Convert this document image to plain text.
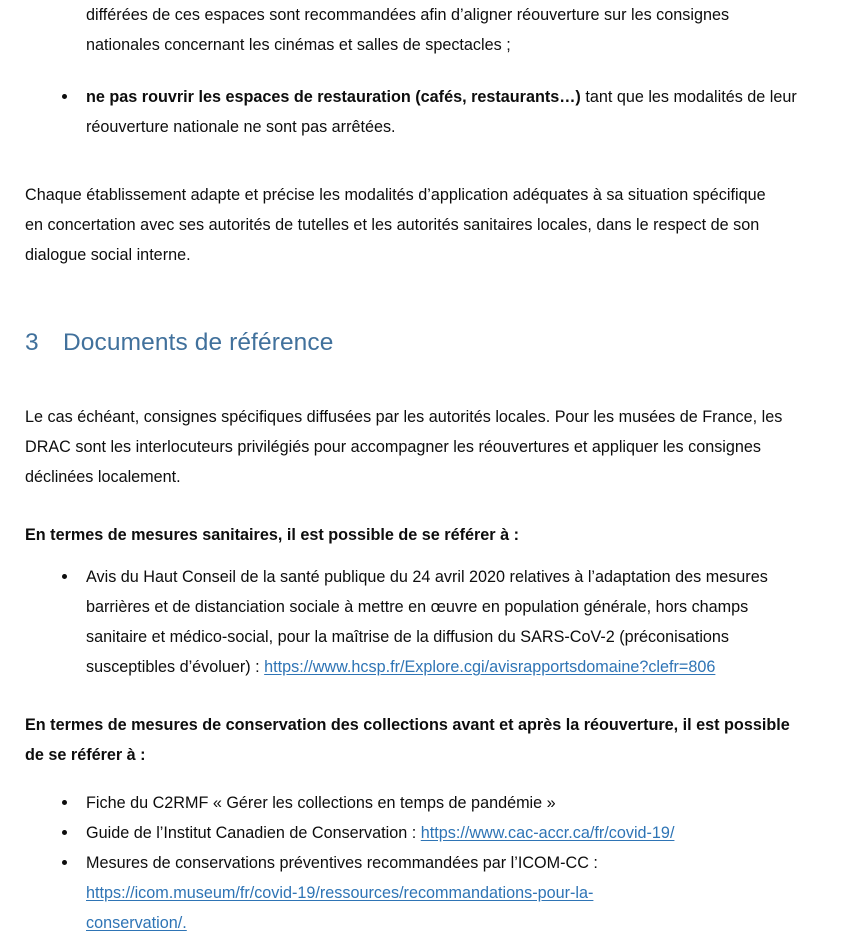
différées de ces espaces sont recommandées afin d’aligner réouverture sur les consignes
nationales concernant les cinémas et salles de spectacles ;
ne pas rouvrir les espaces de restauration (cafés, restaurants…) tant que les modalités de leur
réouverture nationale ne sont pas arrêtées.

Chaque établissement adapte et précise les modalités d’application adéquates à sa situation spécifique
en concertation avec ses autorités de tutelles et les autorités sanitaires locales, dans le respect de son
dialogue social interne.

3 Documents de référence

Le cas échéant, consignes spécifiques diffusées par les autorités locales. Pour les musées de France, les
DRAC sont les interlocuteurs privilégiés pour accompagner les réouvertures et appliquer les consignes
déclinées localement.

En termes de mesures sanitaires, il est possible de se référer à :

Avis du Haut Conseil de la santé publique du 24 avril 2020 relatives à l’adaptation des mesures
barrières et de distanciation sociale à mettre en œuvre en population générale, hors champs
sanitaire et médico-social, pour la maîtrise de la diffusion du SARS-CoV-2 (préconisations
susceptibles d’évoluer) : https://www.hcsp.fr/Explore.cgi/avisrapportsdomaine?clefr=806

En termes de mesures de conservation des collections avant et après la réouverture, il est possible
de se référer à :

Fiche du C2RMF « Gérer les collections en temps de pandémie »
Guide de l’Institut Canadien de Conservation : https://www.cac-accr.ca/fr/covid-19/
Mesures de conservations préventives recommandées par l’ICOM-CC :
https://icom.museum/fr/covid-19/ressources/recommandations-pour-la-
conservation/.
